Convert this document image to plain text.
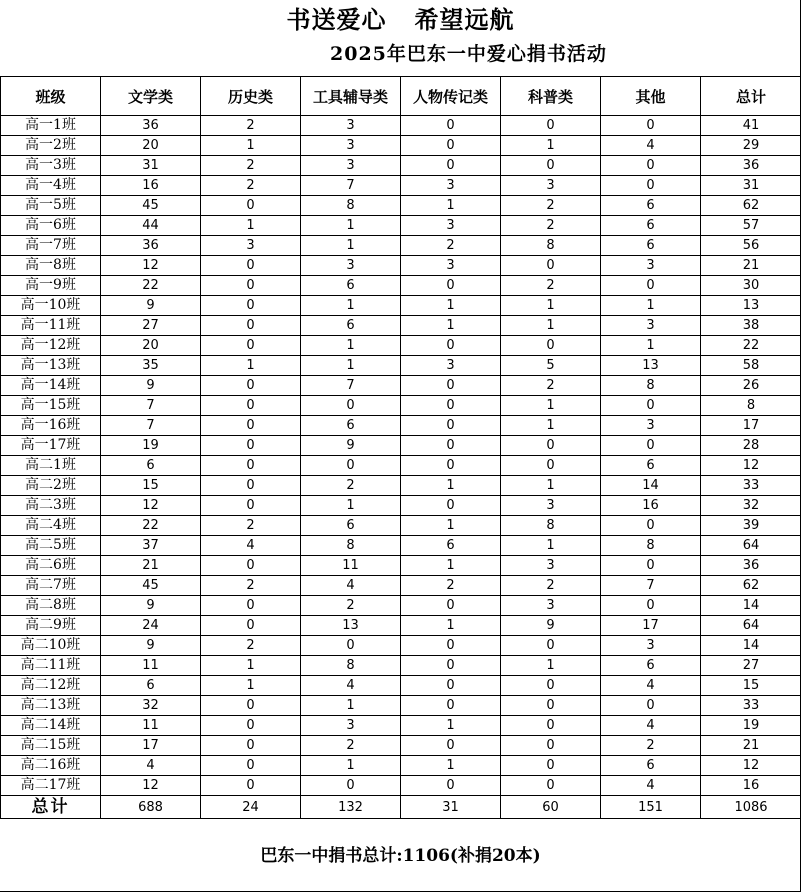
书送爱心 希望远航
2025年巴东一中爱心捐书活动
班级	文学类	历史类	工具辅导类	人物传记类	科普类	其他	总计
高一1班	36	2	3	0	0	0	41
高一2班	20	1	3	0	1	4	29
高一3班	31	2	3	0	0	0	36
高一4班	16	2	7	3	3	0	31
高一5班	45	0	8	1	2	6	62
高一6班	44	1	1	3	2	6	57
高一7班	36	3	1	2	8	6	56
高一8班	12	0	3	3	0	3	21
高一9班	22	0	6	0	2	0	30
高一10班	9	0	1	1	1	1	13
高一11班	27	0	6	1	1	3	38
高一12班	20	0	1	0	0	1	22
高一13班	35	1	1	3	5	13	58
高一14班	9	0	7	0	2	8	26
高一15班	7	0	0	0	1	0	8
高一16班	7	0	6	0	1	3	17
高一17班	19	0	9	0	0	0	28
高二1班	6	0	0	0	0	6	12
高二2班	15	0	2	1	1	14	33
高二3班	12	0	1	0	3	16	32
高二4班	22	2	6	1	8	0	39
高二5班	37	4	8	6	1	8	64
高二6班	21	0	11	1	3	0	36
高二7班	45	2	4	2	2	7	62
高二8班	9	0	2	0	3	0	14
高二9班	24	0	13	1	9	17	64
高二10班	9	2	0	0	0	3	14
高二11班	11	1	8	0	1	6	27
高二12班	6	1	4	0	0	4	15
高二13班	32	0	1	0	0	0	33
高二14班	11	0	3	1	0	4	19
高二15班	17	0	2	0	0	2	21
高二16班	4	0	1	1	0	6	12
高二17班	12	0	0	0	0	4	16
总计	688	24	132	31	60	151	1086
巴东一中捐书总计:1106(补捐20本)
